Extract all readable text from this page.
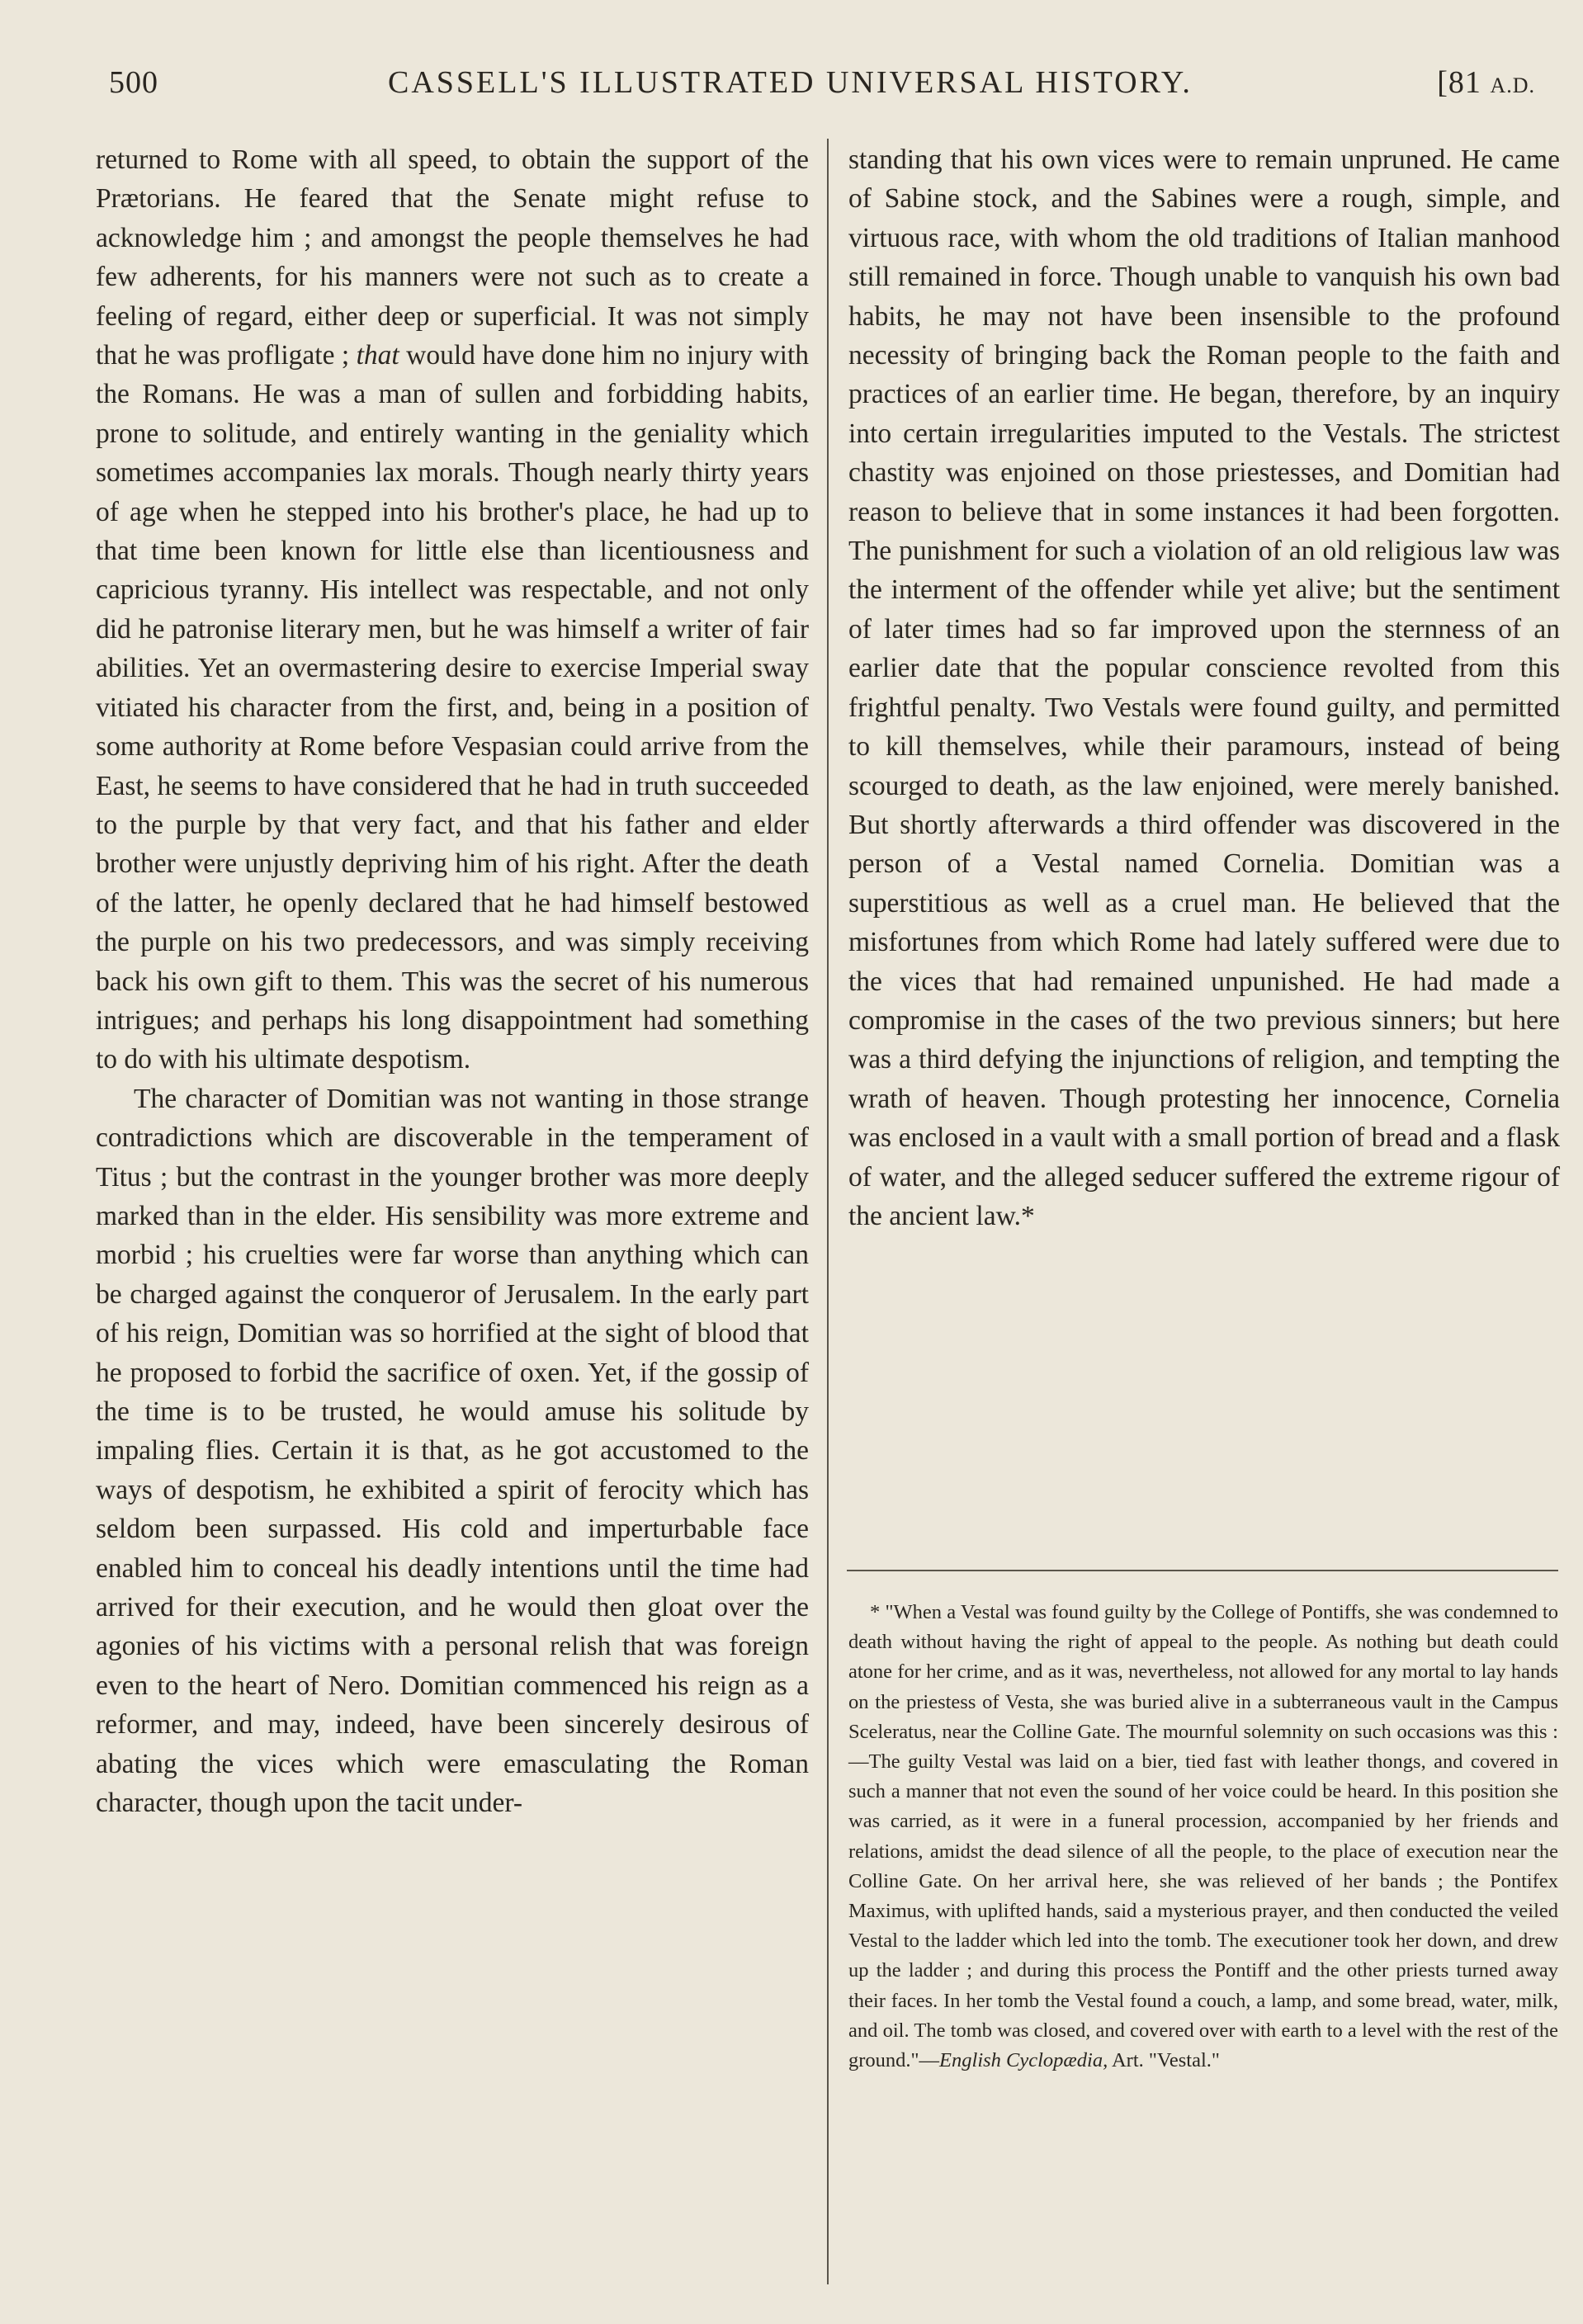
500	CASSELL'S ILLUSTRATED UNIVERSAL HISTORY.	[81 A.D.

returned to Rome with all speed, to obtain the support of the Prætorians. He feared that the Senate might refuse to acknowledge him ; and amongst the people themselves he had few adherents, for his manners were not such as to create a feeling of regard, either deep or superficial. It was not simply that he was profligate ; that would have done him no injury with the Romans. He was a man of sullen and forbidding habits, prone to solitude, and entirely wanting in the geniality which sometimes accompanies lax morals. Though nearly thirty years of age when he stepped into his brother's place, he had up to that time been known for little else than licentiousness and capricious tyranny. His intellect was respectable, and not only did he patronise literary men, but he was himself a writer of fair abilities. Yet an overmastering desire to exercise Imperial sway vitiated his character from the first, and, being in a position of some authority at Rome before Vespasian could arrive from the East, he seems to have considered that he had in truth succeeded to the purple by that very fact, and that his father and elder brother were unjustly depriving him of his right. After the death of the latter, he openly declared that he had himself bestowed the purple on his two predecessors, and was simply receiving back his own gift to them. This was the secret of his numerous intrigues; and perhaps his long disappointment had something to do with his ultimate despotism.

The character of Domitian was not wanting in those strange contradictions which are discoverable in the temperament of Titus ; but the contrast in the younger brother was more deeply marked than in the elder. His sensibility was more extreme and morbid ; his cruelties were far worse than anything which can be charged against the conqueror of Jerusalem. In the early part of his reign, Domitian was so horrified at the sight of blood that he proposed to forbid the sacrifice of oxen. Yet, if the gossip of the time is to be trusted, he would amuse his solitude by impaling flies. Certain it is that, as he got accustomed to the ways of despotism, he exhibited a spirit of ferocity which has seldom been surpassed. His cold and imperturbable face enabled him to conceal his deadly intentions until the time had arrived for their execution, and he would then gloat over the agonies of his victims with a personal relish that was foreign even to the heart of Nero. Domitian commenced his reign as a reformer, and may, indeed, have been sincerely desirous of abating the vices which were emasculating the Roman character, though upon the tacit under-

standing that his own vices were to remain unpruned. He came of Sabine stock, and the Sabines were a rough, simple, and virtuous race, with whom the old traditions of Italian manhood still remained in force. Though unable to vanquish his own bad habits, he may not have been insensible to the profound necessity of bringing back the Roman people to the faith and practices of an earlier time. He began, therefore, by an inquiry into certain irregularities imputed to the Vestals. The strictest chastity was enjoined on those priestesses, and Domitian had reason to believe that in some instances it had been forgotten. The punishment for such a violation of an old religious law was the interment of the offender while yet alive; but the sentiment of later times had so far improved upon the sternness of an earlier date that the popular conscience revolted from this frightful penalty. Two Vestals were found guilty, and permitted to kill themselves, while their paramours, instead of being scourged to death, as the law enjoined, were merely banished. But shortly afterwards a third offender was discovered in the person of a Vestal named Cornelia. Domitian was a superstitious as well as a cruel man. He believed that the misfortunes from which Rome had lately suffered were due to the vices that had remained unpunished. He had made a compromise in the cases of the two previous sinners; but here was a third defying the injunctions of religion, and tempting the wrath of heaven. Though protesting her innocence, Cornelia was enclosed in a vault with a small portion of bread and a flask of water, and the alleged seducer suffered the extreme rigour of the ancient law.*

* "When a Vestal was found guilty by the College of Pontiffs, she was condemned to death without having the right of appeal to the people. As nothing but death could atone for her crime, and as it was, nevertheless, not allowed for any mortal to lay hands on the priestess of Vesta, she was buried alive in a subterraneous vault in the Campus Sceleratus, near the Colline Gate. The mournful solemnity on such occasions was this :—The guilty Vestal was laid on a bier, tied fast with leather thongs, and covered in such a manner that not even the sound of her voice could be heard. In this position she was carried, as it were in a funeral procession, accompanied by her friends and relations, amidst the dead silence of all the people, to the place of execution near the Colline Gate. On her arrival here, she was relieved of her bands ; the Pontifex Maximus, with uplifted hands, said a mysterious prayer, and then conducted the veiled Vestal to the ladder which led into the tomb. The executioner took her down, and drew up the ladder ; and during this process the Pontiff and the other priests turned away their faces. In her tomb the Vestal found a couch, a lamp, and some bread, water, milk, and oil. The tomb was closed, and covered over with earth to a level with the rest of the ground."—English Cyclopædia, Art. "Vestal."
